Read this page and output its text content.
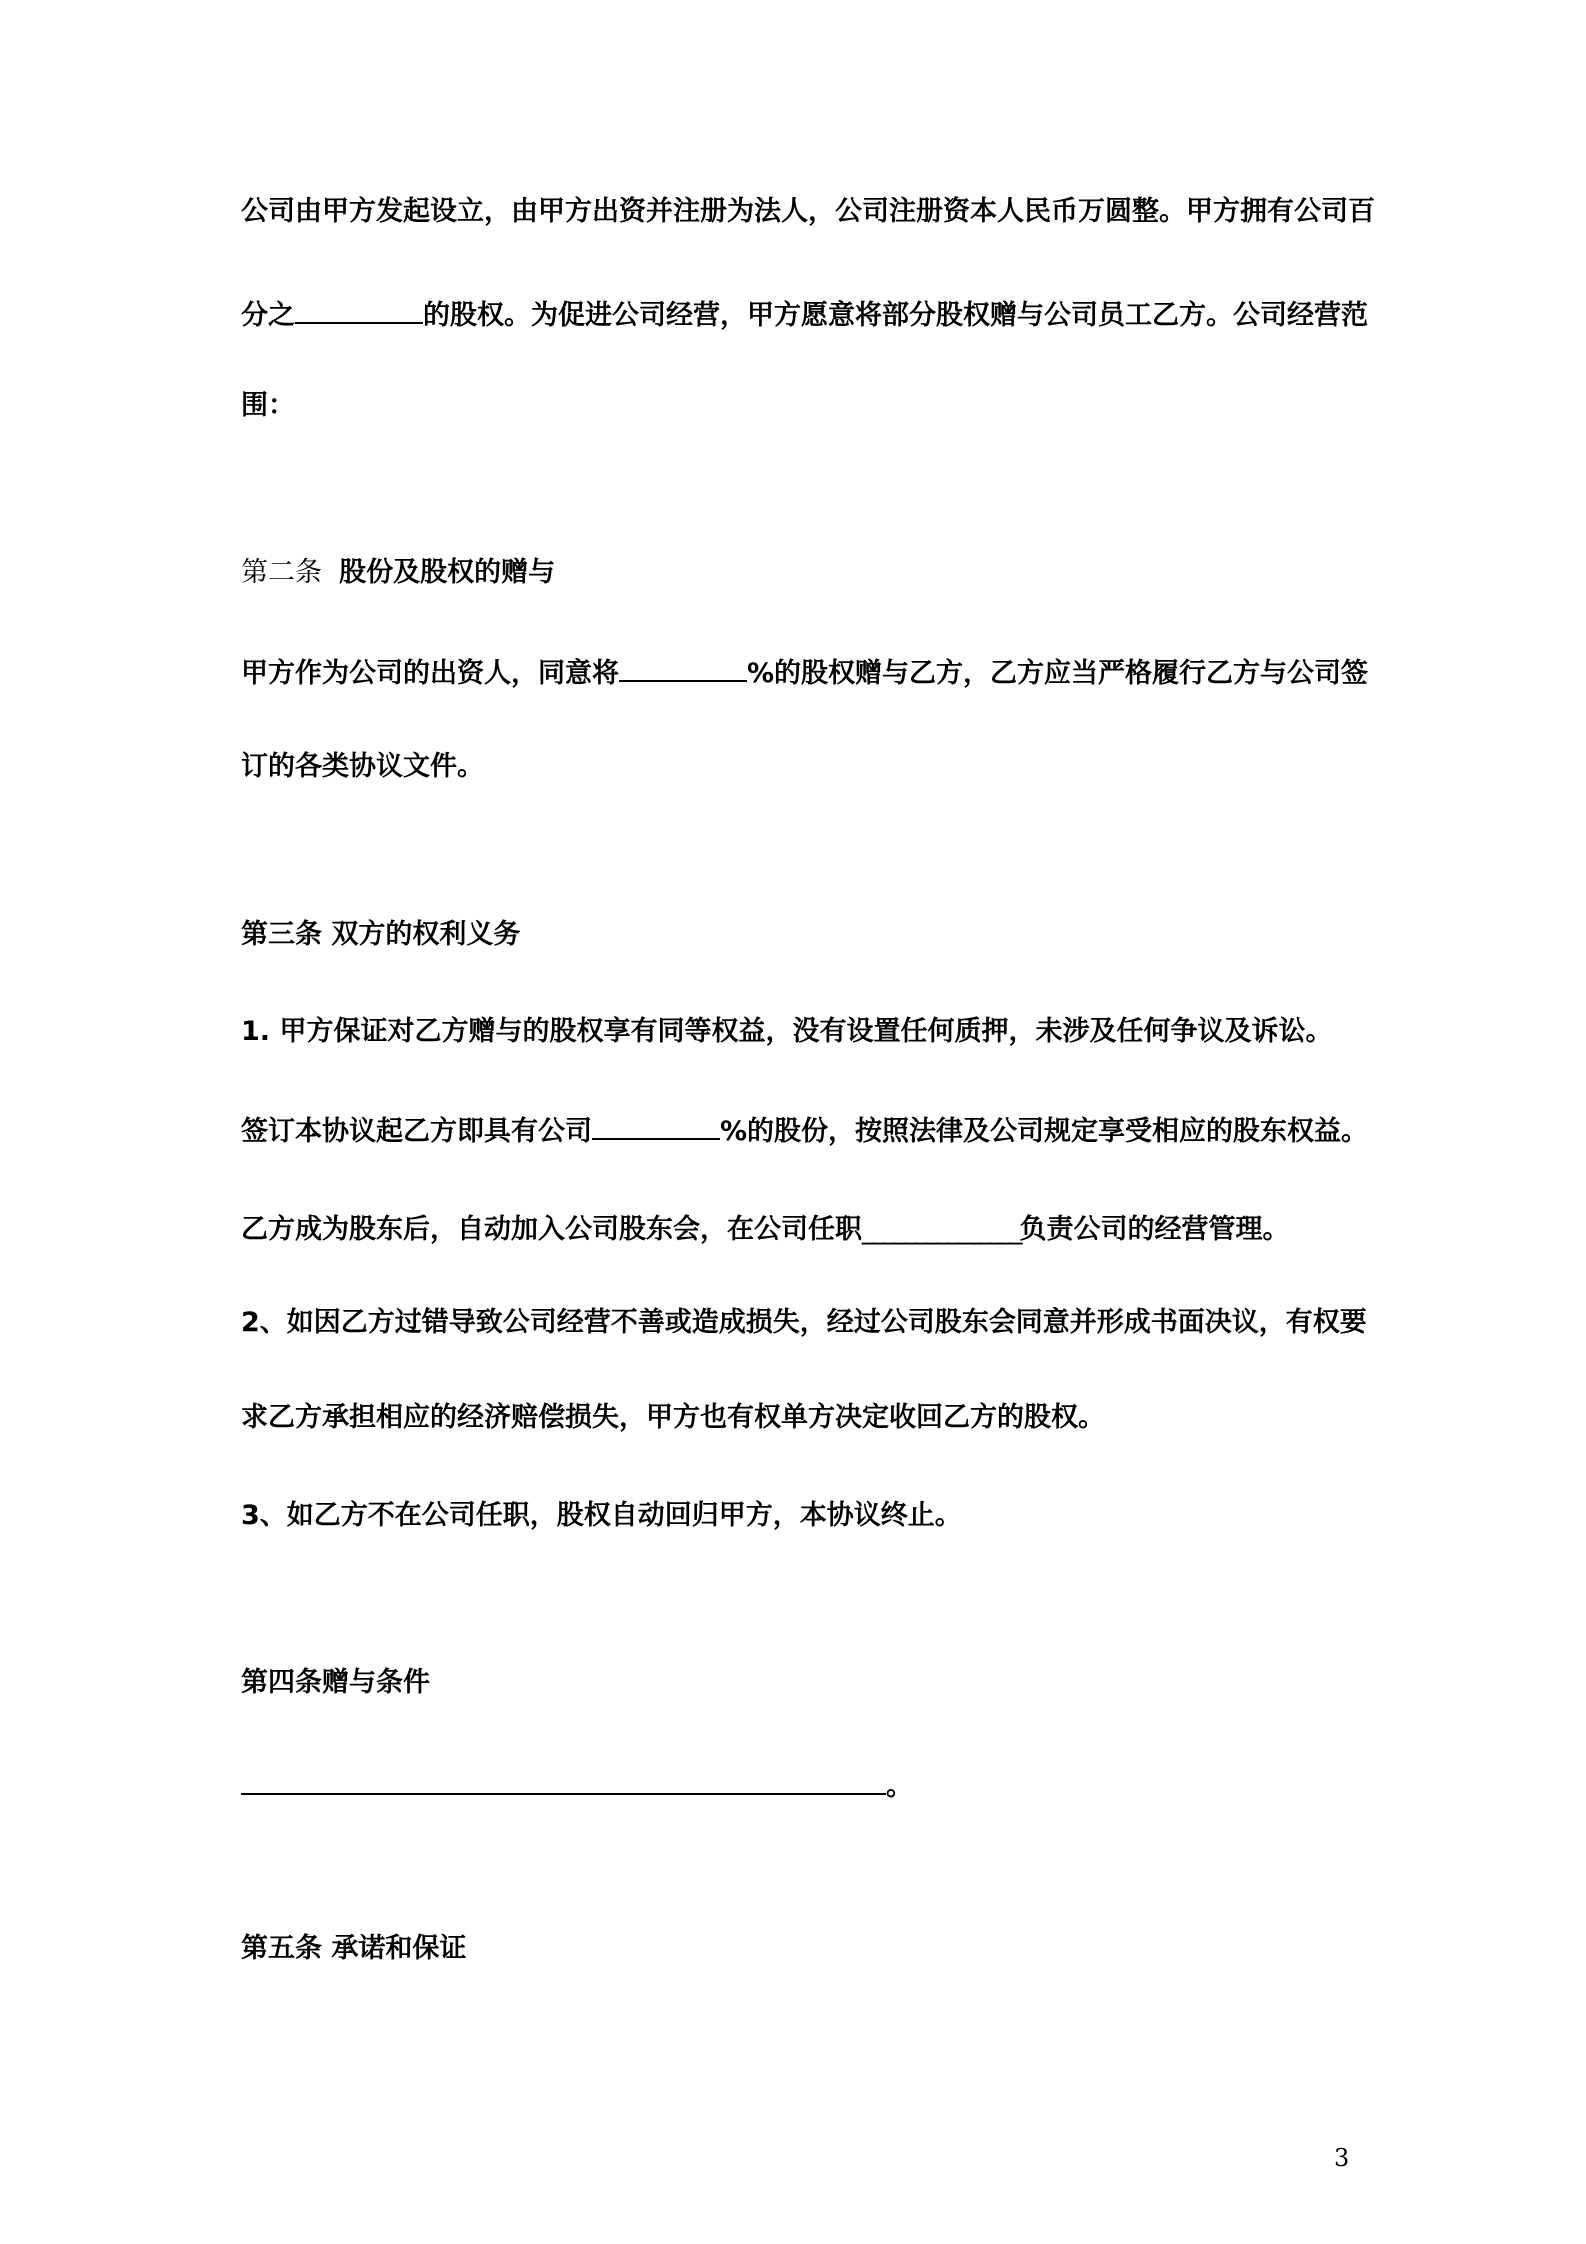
公司由甲方发起设立，由甲方出资并注册为法人，公司注册资本人民币万圆整。甲方拥有公司百
分之	的股权。为促进公司经营，甲方愿意将部分股权赠与公司员工乙方。公司经营范
围：
第二条 股份及股权的赠与
甲方作为公司的出资人，同意将	%的股权赠与乙方，乙方应当严格履行乙方与公司签
订的各类协议文件。
第三条 双方的权利义务
1. 甲方保证对乙方赠与的股权享有同等权益，没有设置任何质押，未涉及任何争议及诉讼。
签订本协议起乙方即具有公司	%的股份，按照法律及公司规定享受相应的股东权益。
乙方成为股东后，自动加入公司股东会，在公司任职_______________负责公司的经营管理。
2、如因乙方过错导致公司经营不善或造成损失，经过公司股东会同意并形成书面决议，有权要
求乙方承担相应的经济赔偿损失，甲方也有权单方决定收回乙方的股权。
3、如乙方不在公司任职，股权自动回归甲方，本协议终止。
第四条赠与条件
。
第五条 承诺和保证
3
